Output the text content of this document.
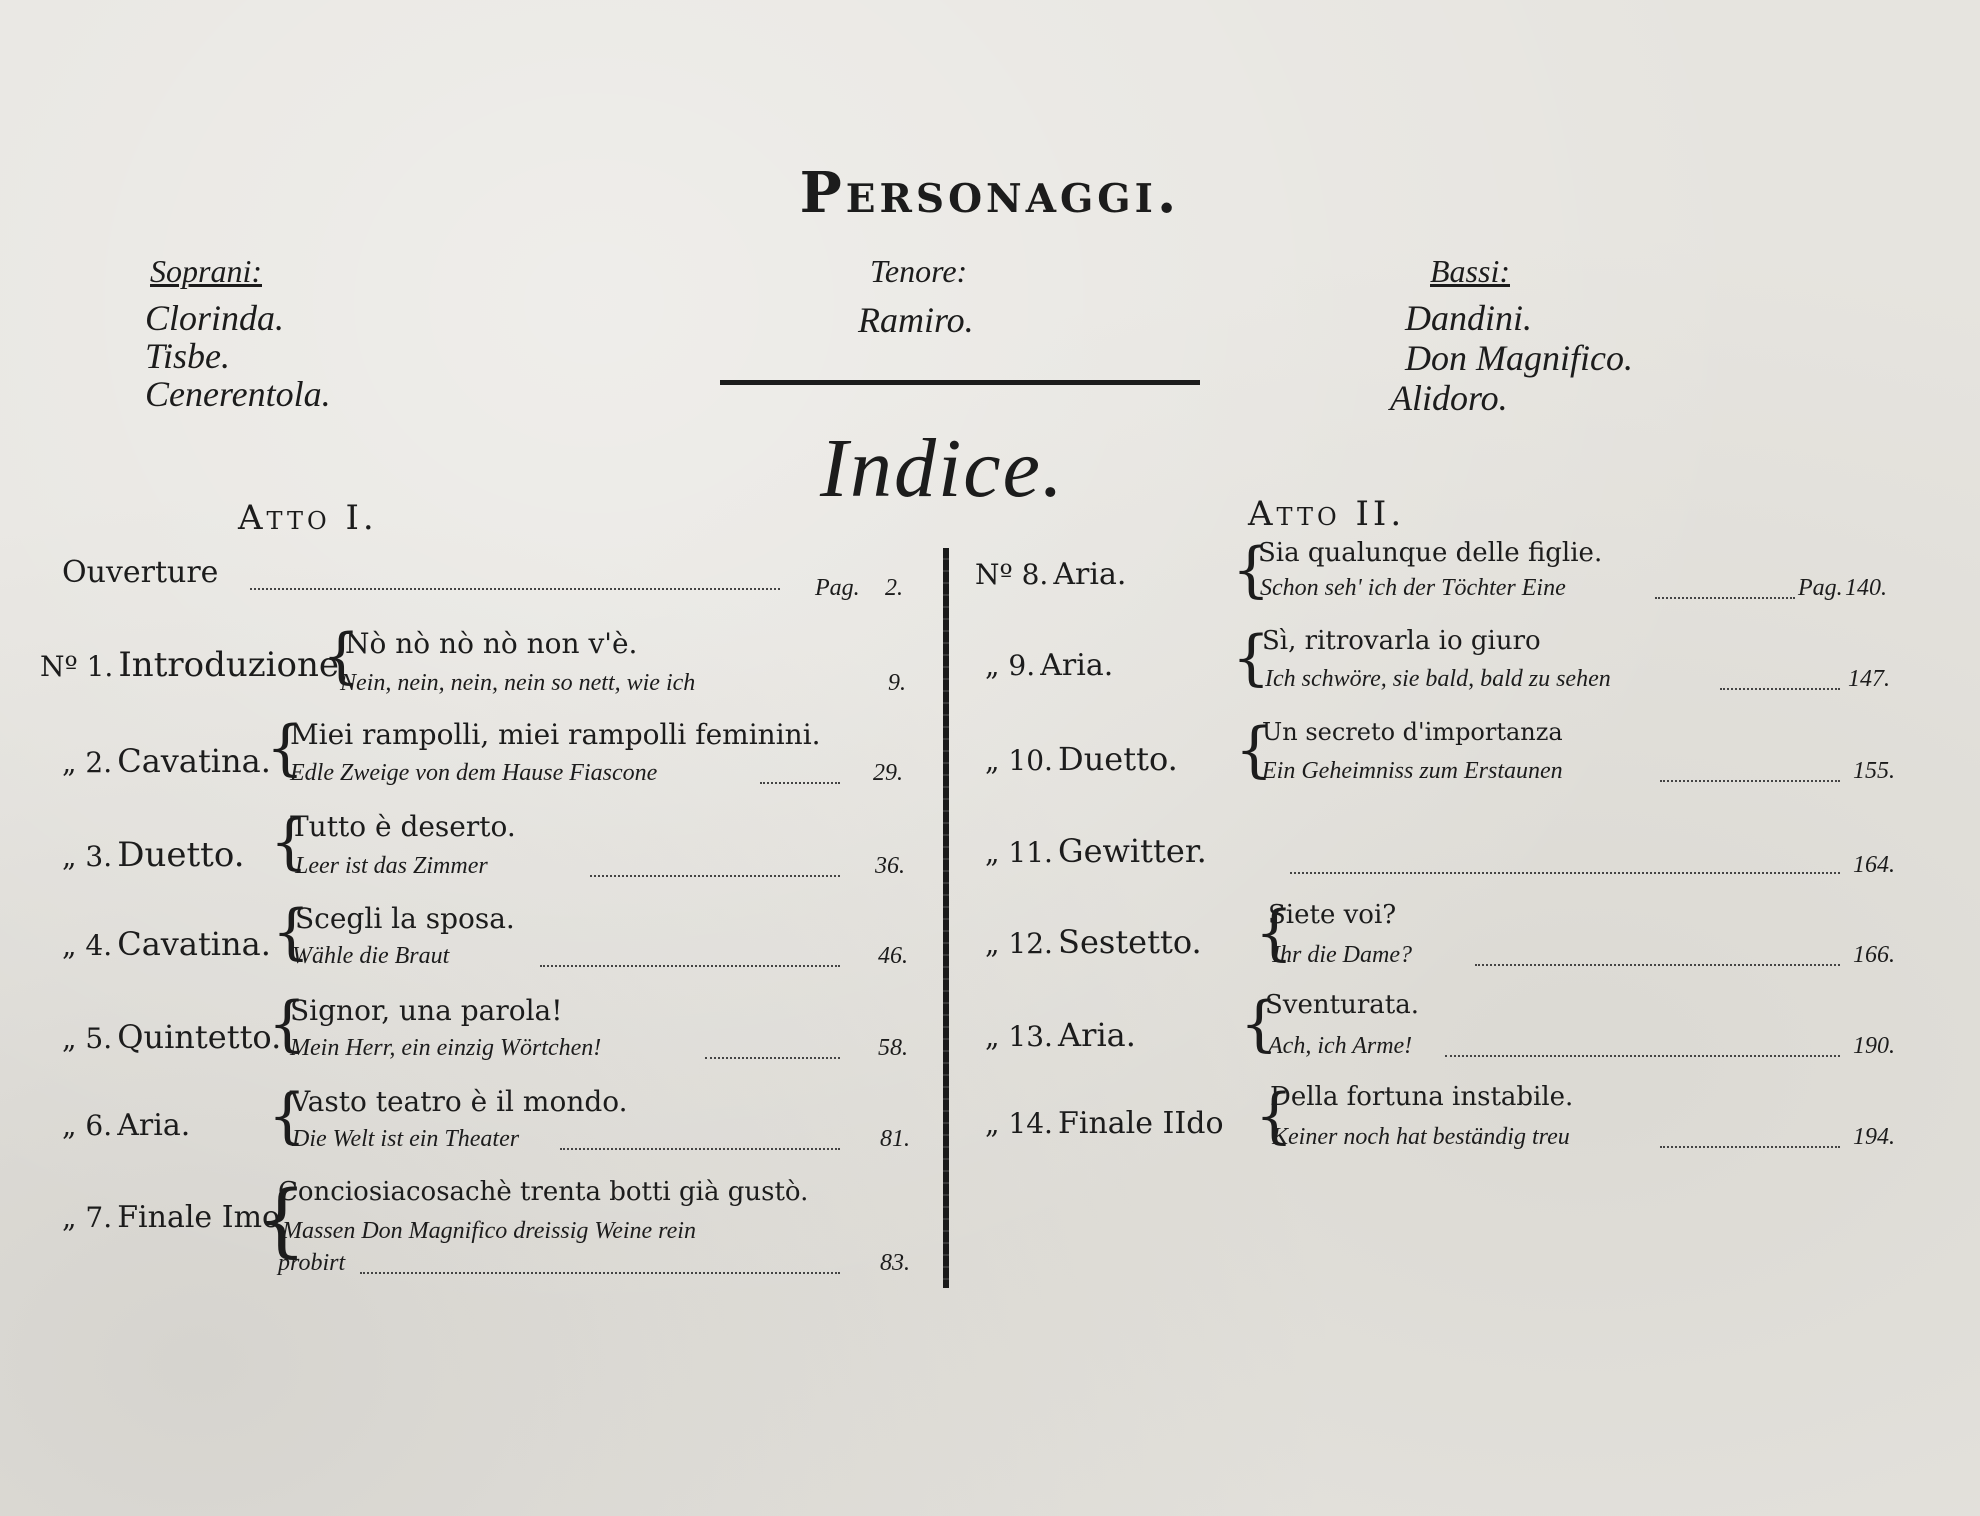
Personaggi.
Soprani:
Clorinda.
Tisbe.
Cenerentola.
Tenore:
Ramiro.
Bassi:
Dandini.
Don Magnifico.
Alidoro.
Indice.
Atto I.	Atto II.
Ouverture	Pag. 2.
Nº 1. Introduzione
{
Nò nò nò nò non v'è.
Nein, nein, nein, nein so nett, wie ich	9.
„ 2. Cavatina.
{
Miei rampolli, miei rampolli feminini.
Edle Zweige von dem Hause Fiascone	29.
„ 3. Duetto. {
Tutto è deserto.
Leer ist das Zimmer	36.
„ 4. Cavatina. {
Scegli la sposa.
Wähle die Braut	46.
„ 5. Quintetto.
{
Signor, una parola!
Mein Herr, ein einzig Wörtchen!	58.
„ 6. Aria. {
Vasto teatro è il mondo.
Die Welt ist ein Theater	81.
„ 7. Finale Imo
{
Conciosiacosachè trenta botti già gustò.
Massen Don Magnifico dreissig Weine rein
probirt	83.
Nº 8. Aria. {
Sia qualunque delle figlie.
Schon seh' ich der Töchter Eine	Pag. 140.
„ 9. Aria. {
Sì, ritrovarla io giuro
Ich schwöre, sie bald, bald zu sehen	147.
„ 10. Duetto. {
Un secreto d'importanza
Ein Geheimniss zum Erstaunen	155.
„ 11. Gewitter.	164.
„ 12. Sestetto. {
Siete voi?
Ihr die Dame?	166.
„ 13. Aria. {
Sventurata.
Ach, ich Arme!	190.
„ 14. Finale IIdo {
Della fortuna instabile.
Keiner noch hat beständig treu	194.
